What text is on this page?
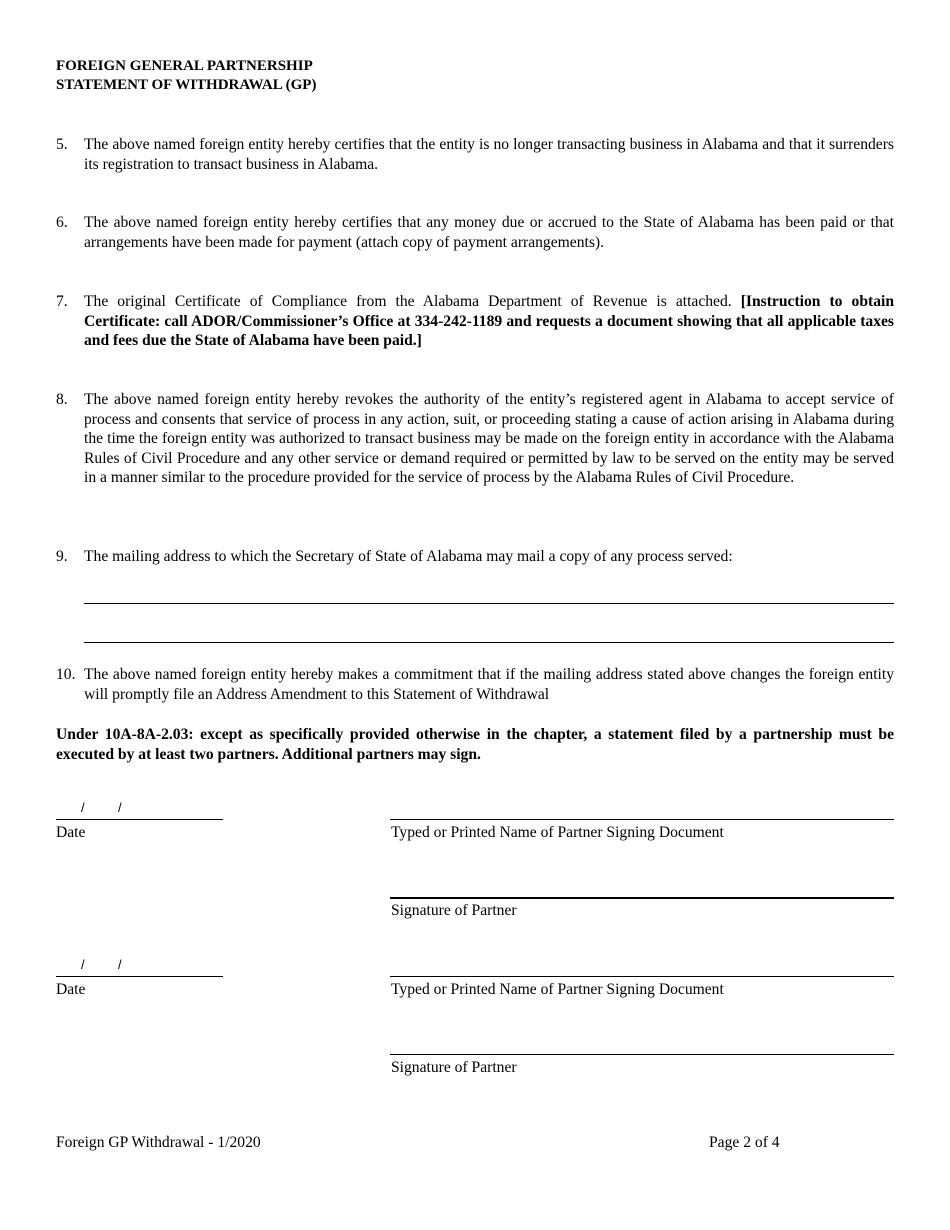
FOREIGN GENERAL PARTNERSHIP
STATEMENT OF WITHDRAWAL (GP)
5. The above named foreign entity hereby certifies that the entity is no longer transacting business in Alabama and that it surrenders its registration to transact business in Alabama.
6. The above named foreign entity hereby certifies that any money due or accrued to the State of Alabama has been paid or that arrangements have been made for payment (attach copy of payment arrangements).
7. The original Certificate of Compliance from the Alabama Department of Revenue is attached. [Instruction to obtain Certificate: call ADOR/Commissioner’s Office at 334-242-1189 and requests a document showing that all applicable taxes and fees due the State of Alabama have been paid.]
8. The above named foreign entity hereby revokes the authority of the entity’s registered agent in Alabama to accept service of process and consents that service of process in any action, suit, or proceeding stating a cause of action arising in Alabama during the time the foreign entity was authorized to transact business may be made on the foreign entity in accordance with the Alabama Rules of Civil Procedure and any other service or demand required or permitted by law to be served on the entity may be served in a manner similar to the procedure provided for the service of process by the Alabama Rules of Civil Procedure.
9. The mailing address to which the Secretary of State of Alabama may mail a copy of any process served:
10. The above named foreign entity hereby makes a commitment that if the mailing address stated above changes the foreign entity will promptly file an Address Amendment to this Statement of Withdrawal
Under 10A-8A-2.03: except as specifically provided otherwise in the chapter, a statement filed by a partnership must be executed by at least two partners. Additional partners may sign.
/	/
Date	Typed or Printed Name of Partner Signing Document
Signature of Partner
/	/
Date	Typed or Printed Name of Partner Signing Document
Signature of Partner
Foreign GP Withdrawal - 1/2020	Page 2 of 4
